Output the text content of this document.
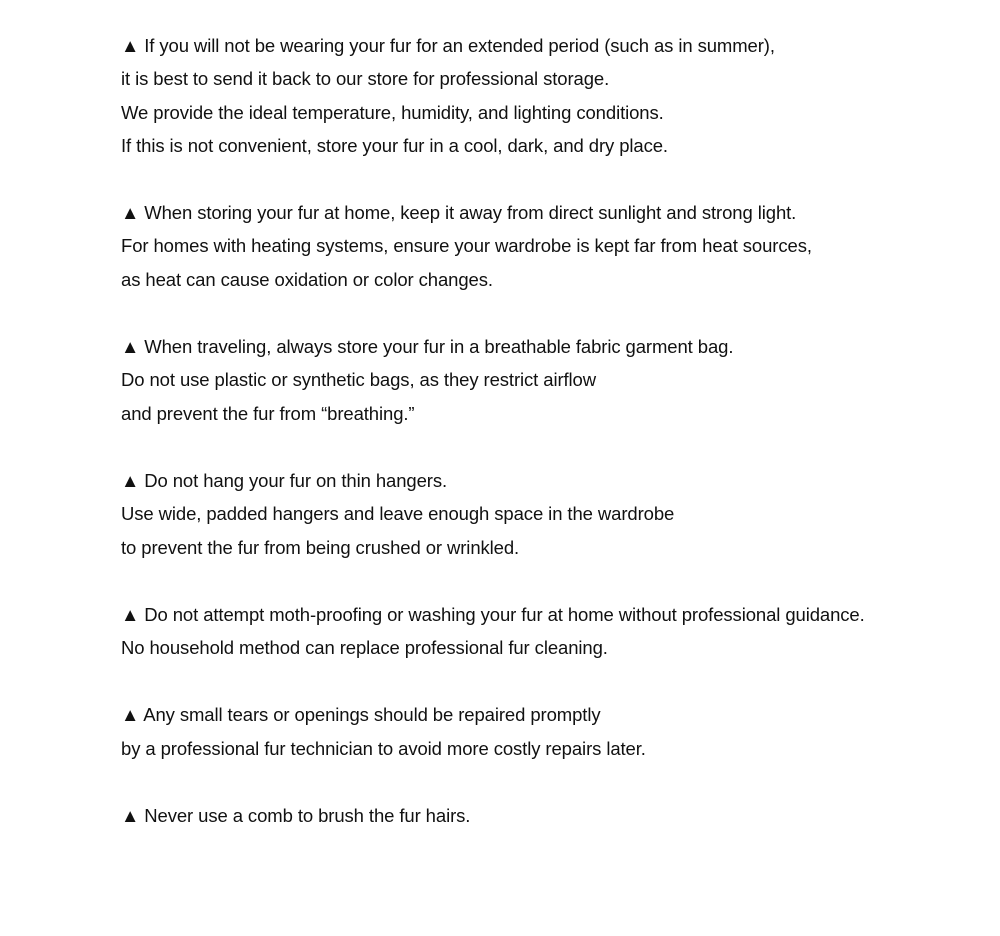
▲ If you will not be wearing your fur for an extended period (such as in summer),
it is best to send it back to our store for professional storage.
We provide the ideal temperature, humidity, and lighting conditions.
If this is not convenient, store your fur in a cool, dark, and dry place.
▲ When storing your fur at home, keep it away from direct sunlight and strong light.
For homes with heating systems, ensure your wardrobe is kept far from heat sources,
as heat can cause oxidation or color changes.
▲ When traveling, always store your fur in a breathable fabric garment bag.
Do not use plastic or synthetic bags, as they restrict airflow
and prevent the fur from “breathing.”
▲ Do not hang your fur on thin hangers.
Use wide, padded hangers and leave enough space in the wardrobe
to prevent the fur from being crushed or wrinkled.
▲ Do not attempt moth-proofing or washing your fur at home without professional guidance.
No household method can replace professional fur cleaning.
▲ Any small tears or openings should be repaired promptly
by a professional fur technician to avoid more costly repairs later.
▲ Never use a comb to brush the fur hairs.
